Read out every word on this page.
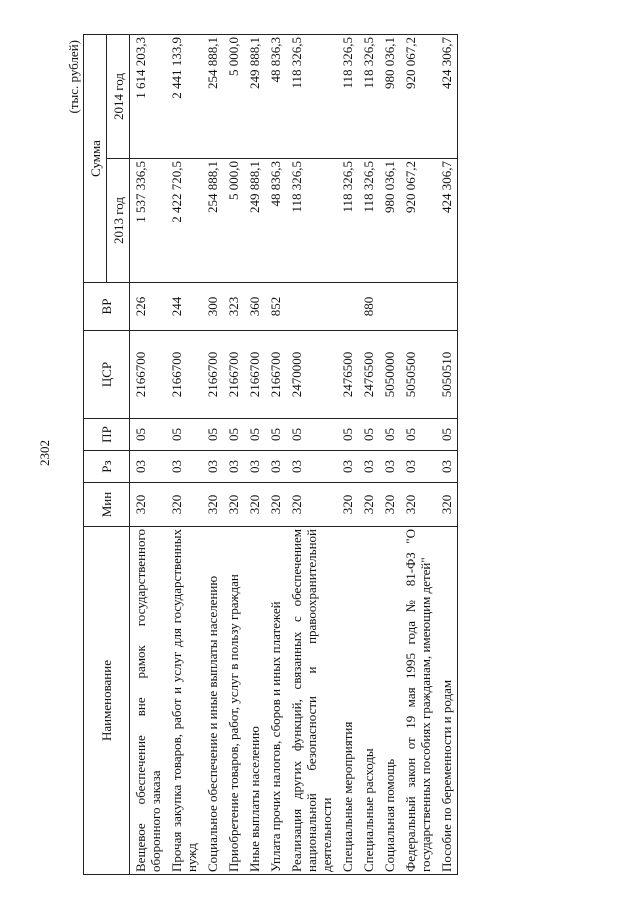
2302
(тыс. рублей)
Наименование	Мин	Рз	ПР	ЦСР	ВР	Сумма	
						2013 год	2014 год
Вещевое обеспечение вне рамок государственного оборонного заказа	320	03	05	2166700	226	1 537 336,5	1 614 203,3
Прочая закупка товаров, работ и услуг для государственных нужд	320	03	05	2166700	244	2 422 720,5	2 441 133,9
Социальное обеспечение и иные выплаты населению	320	03	05	2166700	300	254 888,1	254 888,1
Приобретение товаров, работ, услуг в пользу граждан	320	03	05	2166700	323	5 000,0	5 000,0
Иные выплаты населению	320	03	05	2166700	360	249 888,1	249 888,1
Уплата прочих налогов, сборов и иных платежей	320	03	05	2166700	852	48 836,3	48 836,3
Реализация других функций, связанных с обеспечением национальной безопасности и правоохранительной деятельности	320	03	05	2470000		118 326,5	118 326,5
Специальные мероприятия	320	03	05	2476500		118 326,5	118 326,5
Специальные расходы	320	03	05	2476500	880	118 326,5	118 326,5
Социальная помощь	320	03	05	5050000		980 036,1	980 036,1
Федеральный закон от 19 мая 1995 года № 81-ФЗ "О государственных пособиях гражданам, имеющим детей"	320	03	05	5050500		920 067,2	920 067,2
Пособие по беременности и родам	320	03	05	5050510		424 306,7	424 306,7
